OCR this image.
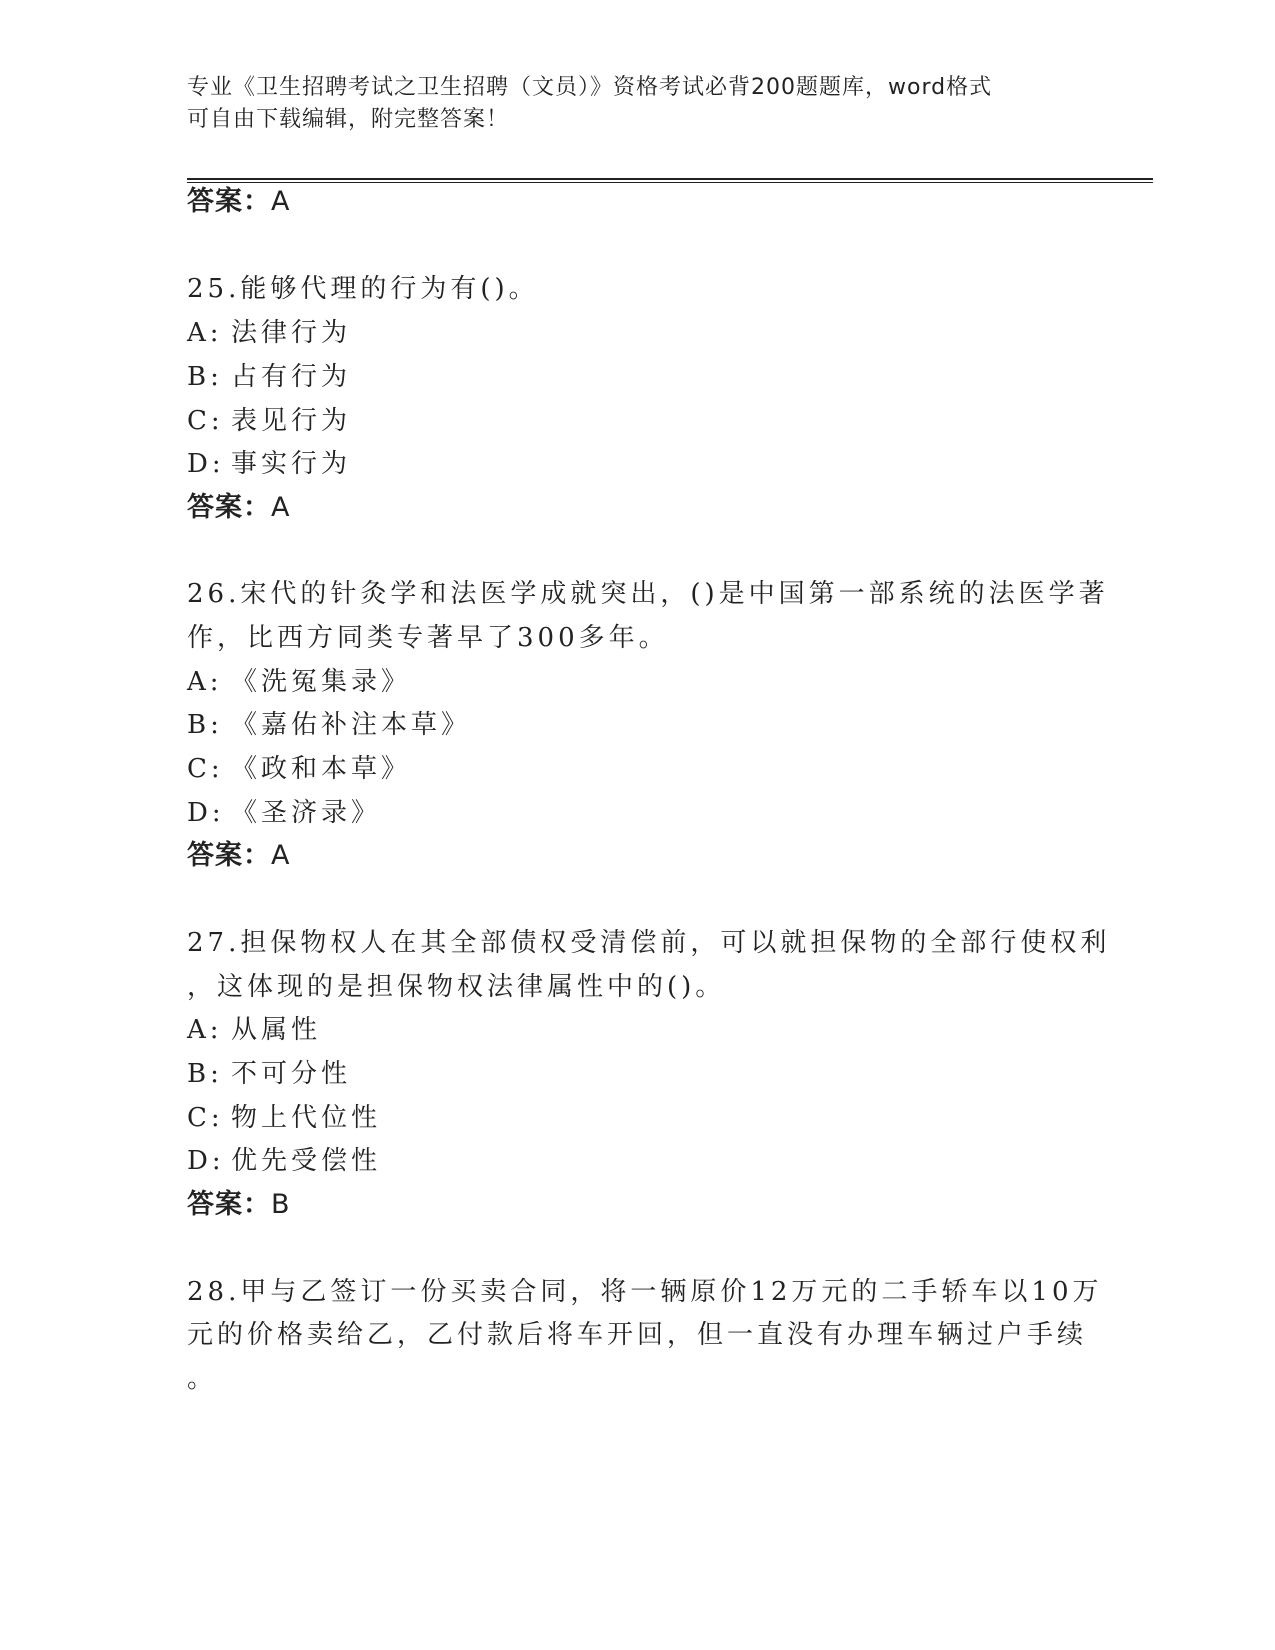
专业《卫生招聘考试之卫生招聘（文员）》资格考试必背200题题库，word格式
可自由下载编辑，附完整答案！
答案：A
25.能够代理的行为有()。
A: 法律行为
B: 占有行为
C: 表见行为
D: 事实行为
答案：A
26.宋代的针灸学和法医学成就突出，()是中国第一部系统的法医学著
作，比西方同类专著早了300多年。
A: 《洗冤集录》
B: 《嘉佑补注本草》
C: 《政和本草》
D: 《圣济录》
答案：A
27.担保物权人在其全部债权受清偿前，可以就担保物的全部行使权利
，这体现的是担保物权法律属性中的()。
A: 从属性
B: 不可分性
C: 物上代位性
D: 优先受偿性
答案：B
28.甲与乙签订一份买卖合同，将一辆原价12万元的二手轿车以10万
元的价格卖给乙，乙付款后将车开回，但一直没有办理车辆过户手续
。
